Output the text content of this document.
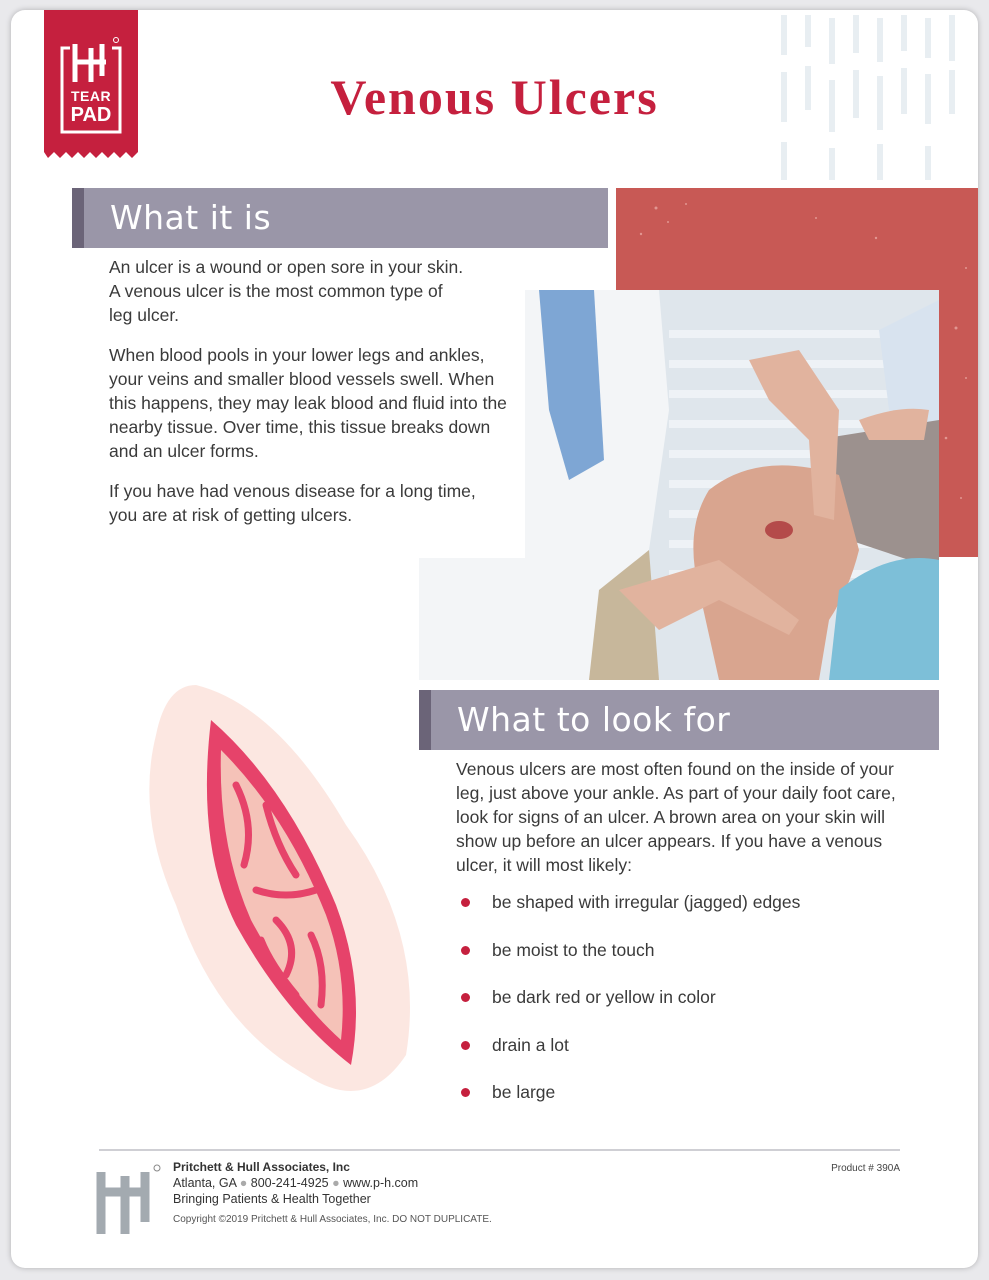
TEAR
PAD	Venous Ulcers
What it is

An ulcer is a wound or open sore in your skin. A venous ulcer is the most common type of leg ulcer.

When blood pools in your lower legs and ankles, your veins and smaller blood vessels swell. When this happens, they may leak blood and fluid into the nearby tissue. Over time, this tissue breaks down and an ulcer forms.

If you have had venous disease for a long time, you are at risk of getting ulcers.

What to look for

Venous ulcers are most often found on the inside of your leg, just above your ankle. As part of your daily foot care, look for signs of an ulcer. A brown area on your skin will show up before an ulcer appears. If you have a venous ulcer, it will most likely:

be shaped with irregular (jagged) edges
be moist to the touch
be dark red or yellow in color
drain a lot
be large
Pritchett & Hull Associates, Inc
Atlanta, GA ● 800-241-4925 ● www.p-h.com
Bringing Patients & Health Together
Copyright ©2019 Pritchett & Hull Associates, Inc. DO NOT DUPLICATE.
Product # 390A
